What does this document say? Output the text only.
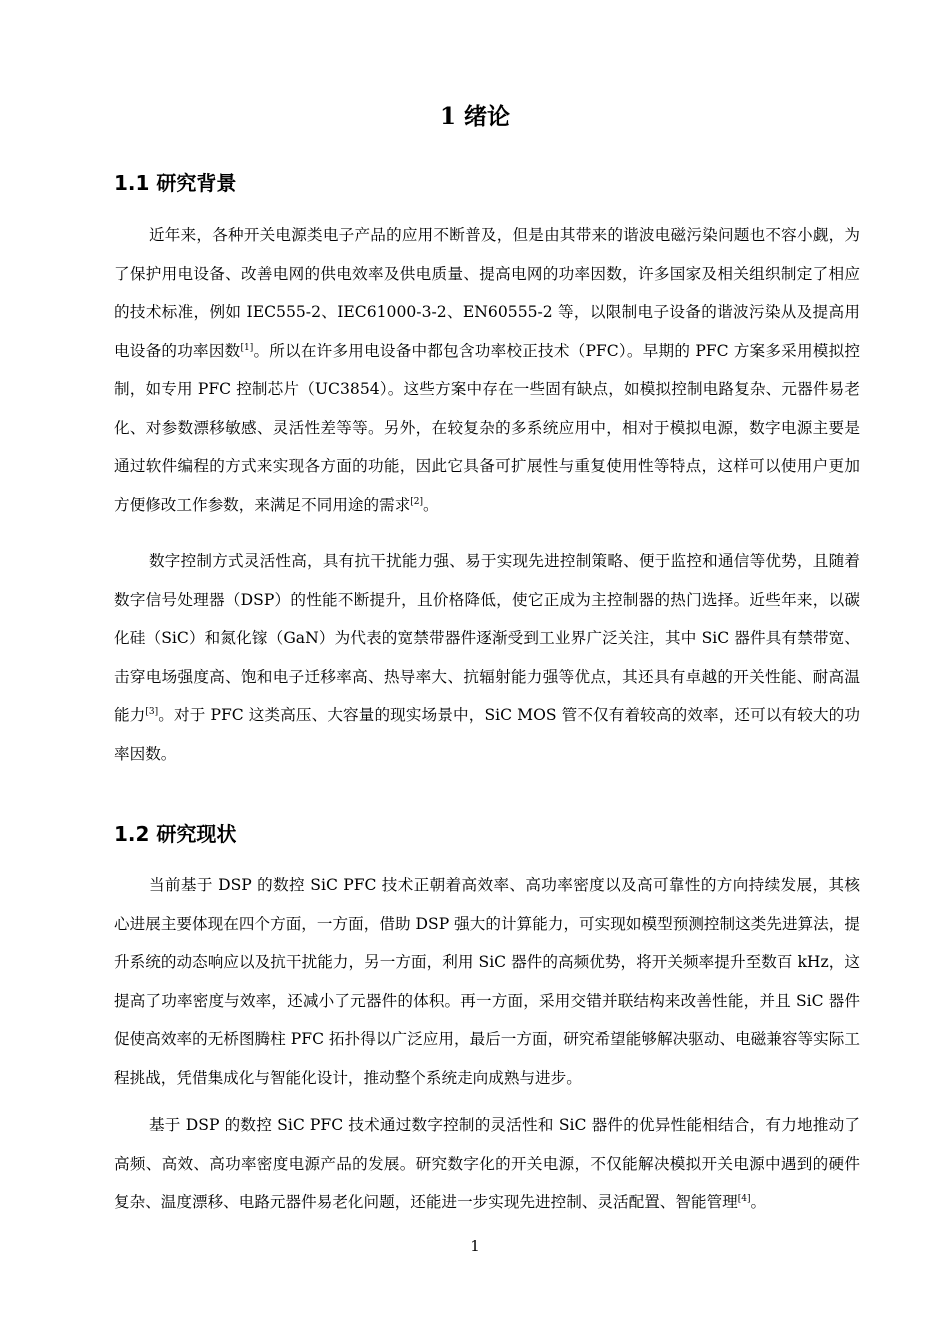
1 绪论
1.1 研究背景

近年来，各种开关电源类电子产品的应用不断普及，但是由其带来的谐波电磁污染问题也不容小觑，为了保护用电设备、改善电网的供电效率及供电质量、提高电网的功率因数，许多国家及相关组织制定了相应的技术标准，例如 IEC555-2、IEC61000-3-2、EN60555-2 等，以限制电子设备的谐波污染从及提高用电设备的功率因数[1]。所以在许多用电设备中都包含功率校正技术（PFC）。早期的 PFC 方案多采用模拟控制，如专用 PFC 控制芯片（UC3854）。这些方案中存在一些固有缺点，如模拟控制电路复杂、元器件易老化、对参数漂移敏感、灵活性差等等。另外，在较复杂的多系统应用中，相对于模拟电源，数字电源主要是通过软件编程的方式来实现各方面的功能，因此它具备可扩展性与重复使用性等特点，这样可以使用户更加方便修改工作参数，来满足不同用途的需求[2]。

数字控制方式灵活性高，具有抗干扰能力强、易于实现先进控制策略、便于监控和通信等优势，且随着数字信号处理器（DSP）的性能不断提升，且价格降低，使它正成为主控制器的热门选择。近些年来，以碳化硅（SiC）和氮化镓（GaN）为代表的宽禁带器件逐渐受到工业界广泛关注，其中 SiC 器件具有禁带宽、击穿电场强度高、饱和电子迁移率高、热导率大、抗辐射能力强等优点，其还具有卓越的开关性能、耐高温能力[3]。对于 PFC 这类高压、大容量的现实场景中，SiC MOS 管不仅有着较高的效率，还可以有较大的功率因数。

1.2 研究现状

当前基于 DSP 的数控 SiC PFC 技术正朝着高效率、高功率密度以及高可靠性的方向持续发展，其核心进展主要体现在四个方面，一方面，借助 DSP 强大的计算能力，可实现如模型预测控制这类先进算法，提升系统的动态响应以及抗干扰能力，另一方面，利用 SiC 器件的高频优势，将开关频率提升至数百 kHz，这提高了功率密度与效率，还减小了元器件的体积。再一方面，采用交错并联结构来改善性能，并且 SiC 器件促使高效率的无桥图腾柱 PFC 拓扑得以广泛应用，最后一方面，研究希望能够解决驱动、电磁兼容等实际工程挑战，凭借集成化与智能化设计，推动整个系统走向成熟与进步。

基于 DSP 的数控 SiC PFC 技术通过数字控制的灵活性和 SiC 器件的优异性能相结合，有力地推动了高频、高效、高功率密度电源产品的发展。研究数字化的开关电源，不仅能解决模拟开关电源中遇到的硬件复杂、温度漂移、电路元器件易老化问题，还能进一步实现先进控制、灵活配置、智能管理[4]。

1
